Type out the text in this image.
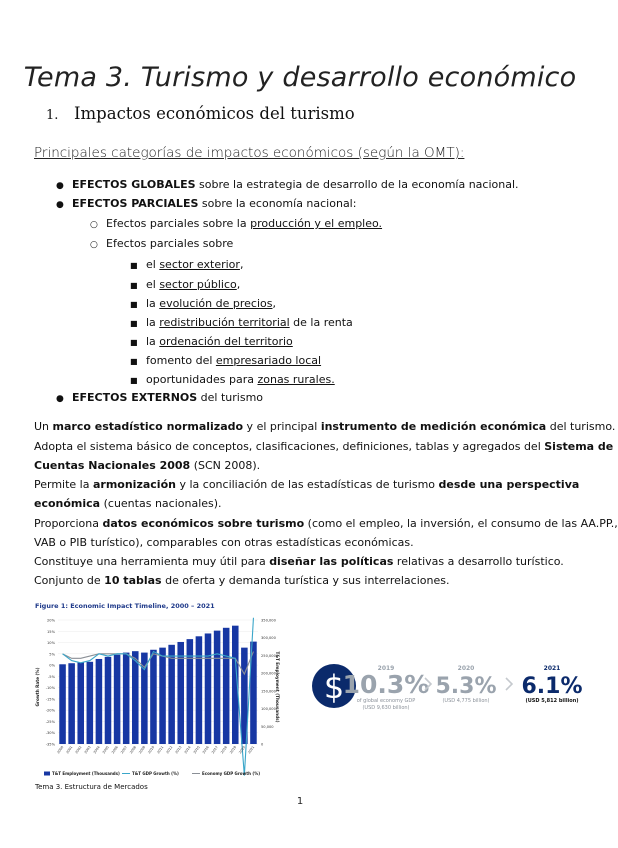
Tema 3. Turismo y desarrollo económico
1. Impactos económicos del turismo
Principales categorías de impactos económicos (según la OMT):
● EFECTOS GLOBALES sobre la estrategia de desarrollo de la economía nacional.
● EFECTOS PARCIALES sobre la economía nacional:
○ Efectos parciales sobre la producción y el empleo.
○ Efectos parciales sobre
■ el sector exterior,
■ el sector público,
■ la evolución de precios,
■ la redistribución territorial de la renta
■ la ordenación del territorio
■ fomento del empresariado local
■ oportunidades para zonas rurales.
● EFECTOS EXTERNOS del turismo
Un marco estadístico normalizado y el principal instrumento de medición económica del turismo.
Adopta el sistema básico de conceptos, clasificaciones, definiciones, tablas y agregados del Sistema de
Cuentas Nacionales 2008 (SCN 2008).
Permite la armonización y la conciliación de las estadísticas de turismo desde una perspectiva
económica (cuentas nacionales).
Proporciona datos económicos sobre turismo (como el empleo, la inversión, el consumo de las AA.PP.,
VAB o PIB turístico), comparables con otras estadísticas económicas.
Constituye una herramienta muy útil para diseñar las políticas relativas a desarrollo turístico.
Conjunto de 10 tablas de oferta y demanda turística y sus interrelaciones.
Figure 1: Economic Impact Timeline, 2000 – 2021
20%
15%
10%
5%
0%
-5%
-10%
-15%
-20%
-25%
-30%
-35%
350,000
300,000
250,000
200,000
150,000
100,000
50,000
0
Growth Rate (%)	T&T Employment (Thousands)
2000 2001 2002 2003 2004 2005 2006 2007 2008 2009 2010 2011 2012 2013 2014 2015 2016 2017 2018 2019 2020 2021
T&T Employment (Thousands)	T&T GDP Growth (%)	Economy GDP Growth (%)
$	2019
10.3%
of global economy GDP
(USD 9,630 billion)
2020
5.3%
(USD 4,775 billion)
2021
6.1%
(USD 5,812 billion)
Tema 3. Estructura de Mercados
1
